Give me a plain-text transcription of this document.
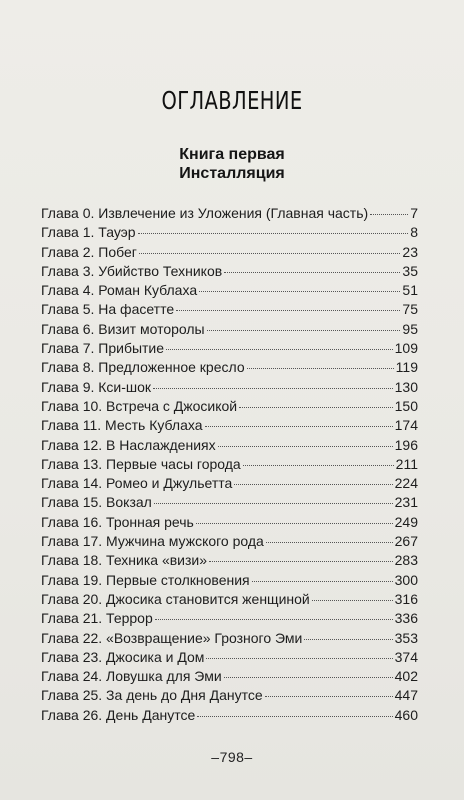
ОГЛАВЛЕНИЕ
Книга первая
Инсталляция
Глава 0. Извлечение из Уложения (Главная часть)	7
Глава 1. Тауэр	8
Глава 2. Побег	23
Глава 3. Убийство Техников	35
Глава 4. Роман Кублаха	51
Глава 5. На фасетте	75
Глава 6. Визит моторолы	95
Глава 7. Прибытие	109
Глава 8. Предложенное кресло	119
Глава 9. Кси-шок	130
Глава 10. Встреча с Джосикой	150
Глава 11. Месть Кублаха	174
Глава 12. В Наслаждениях	196
Глава 13. Первые часы города	211
Глава 14. Ромео и Джульетта	224
Глава 15. Вокзал	231
Глава 16. Тронная речь	249
Глава 17. Мужчина мужского рода	267
Глава 18. Техника «визи»	283
Глава 19. Первые столкновения	300
Глава 20. Джосика становится женщиной	316
Глава 21. Террор	336
Глава 22. «Возвращение» Грозного Эми	353
Глава 23. Джосика и Дом	374
Глава 24. Ловушка для Эми	402
Глава 25. За день до Дня Данутсе	447
Глава 26. День Данутсе	460
–798–
